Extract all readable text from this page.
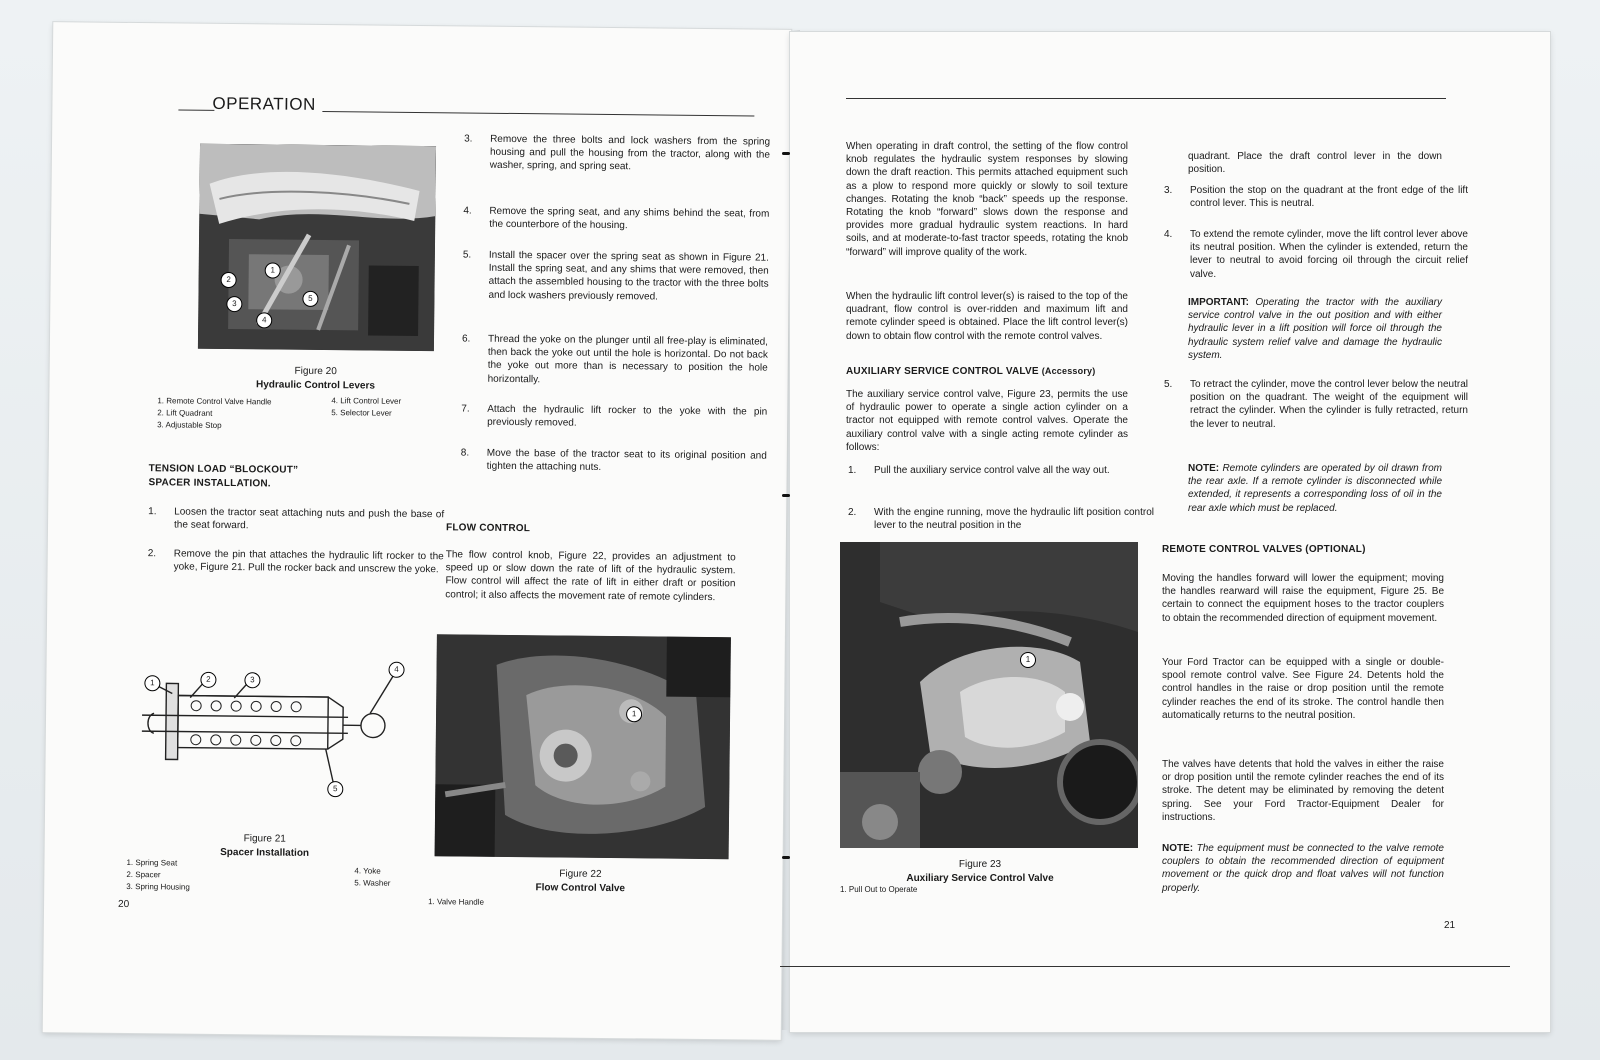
OPERATION
1
2
3
4
5
Figure 20
Hydraulic Control Levers
1. Remote Control Valve Handle
2. Lift Quadrant
3. Adjustable Stop
4. Lift Control Lever
5. Selector Lever
TENSION LOAD “BLOCKOUT”
SPACER INSTALLATION.
1.	Loosen the tractor seat attaching nuts and push the base of the seat forward.
2.	Remove the pin that attaches the hydraulic lift rocker to the yoke, Figure 21. Pull the rocker back and unscrew the yoke.
1	2	3
4
5
Figure 21
Spacer Installation
1. Spring Seat
2. Spacer
3. Spring Housing
4. Yoke
5. Washer
20
3.	Remove the three bolts and lock washers from the spring housing and pull the housing from the tractor, along with the washer, spring, and spring seat.
4.	Remove the spring seat, and any shims behind the seat, from the counterbore of the housing.
5.	Install the spacer over the spring seat as shown in Figure 21. Install the spring seat, and any shims that were removed, then attach the assembled housing to the tractor with the three bolts and lock washers previously removed.
6.	Thread the yoke on the plunger until all free-play is eliminated, then back the yoke out until the hole is horizontal. Do not back the yoke out more than is necessary to position the hole horizontally.
7.	Attach the hydraulic lift rocker to the yoke with the pin previously removed.
8.	Move the base of the tractor seat to its original position and tighten the attaching nuts.
FLOW CONTROL
The flow control knob, Figure 22, provides an adjustment to speed up or slow down the rate of lift of the hydraulic system. Flow control will affect the rate of lift in either draft or position control; it also affects the movement rate of remote cylinders.
1
Figure 22
Flow Control Valve
1. Valve Handle
When operating in draft control, the setting of the flow control knob regulates the hydraulic system responses by slowing down the draft reaction. This permits attached equipment such as a plow to respond more quickly or slowly to soil texture changes. Rotating the knob “back” speeds up the response. Rotating the knob “forward” slows down the response and provides more gradual hydraulic system reactions. In hard soils, and at moderate-to-fast tractor speeds, rotating the knob “forward” will improve quality of the work.
When the hydraulic lift control lever(s) is raised to the top of the quadrant, flow control is over-ridden and maximum lift and remote cylinder speed is obtained. Place the lift control lever(s) down to obtain flow control with the remote control valves.
AUXILIARY SERVICE CONTROL VALVE (Accessory)
The auxiliary service control valve, Figure 23, permits the use of hydraulic power to operate a single action cylinder on a tractor not equipped with remote control valves. Operate the auxiliary control valve with a single acting remote cylinder as follows:
1.	Pull the auxiliary service control valve all the way out.
2.	With the engine running, move the hydraulic lift position control lever to the neutral position in the
1
Figure 23
Auxiliary Service Control Valve
1. Pull Out to Operate
quadrant. Place the draft control lever in the down position.
3.	Position the stop on the quadrant at the front edge of the lift control lever. This is neutral.
4.	To extend the remote cylinder, move the lift control lever above its neutral position. When the cylinder is extended, return the lever to neutral to avoid forcing oil through the circuit relief valve.
IMPORTANT: Operating the tractor with the auxiliary service control valve in the out position and with either hydraulic lever in a lift position will force oil through the hydraulic system relief valve and damage the hydraulic system.
5.	To retract the cylinder, move the control lever below the neutral position on the quadrant. The weight of the equipment will retract the cylinder. When the cylinder is fully retracted, return the lever to neutral.
NOTE: Remote cylinders are operated by oil drawn from the rear axle. If a remote cylinder is disconnected while extended, it represents a corresponding loss of oil in the rear axle which must be replaced.
REMOTE CONTROL VALVES (OPTIONAL)
Moving the handles forward will lower the equipment; moving the handles rearward will raise the equipment, Figure 25. Be certain to connect the equipment hoses to the tractor couplers to obtain the recommended direction of equipment movement.
Your Ford Tractor can be equipped with a single or double-spool remote control valve. See Figure 24. Detents hold the control handles in the raise or drop position until the remote cylinder reaches the end of its stroke. The control handle then automatically returns to the neutral position.
The valves have detents that hold the valves in either the raise or drop position until the remote cylinder reaches the end of its stroke. The detent may be eliminated by removing the detent spring. See your Ford Tractor-Equipment Dealer for instructions.
NOTE: The equipment must be connected to the valve remote couplers to obtain the recommended direction of equipment movement or the quick drop and float valves will not function properly.
21
